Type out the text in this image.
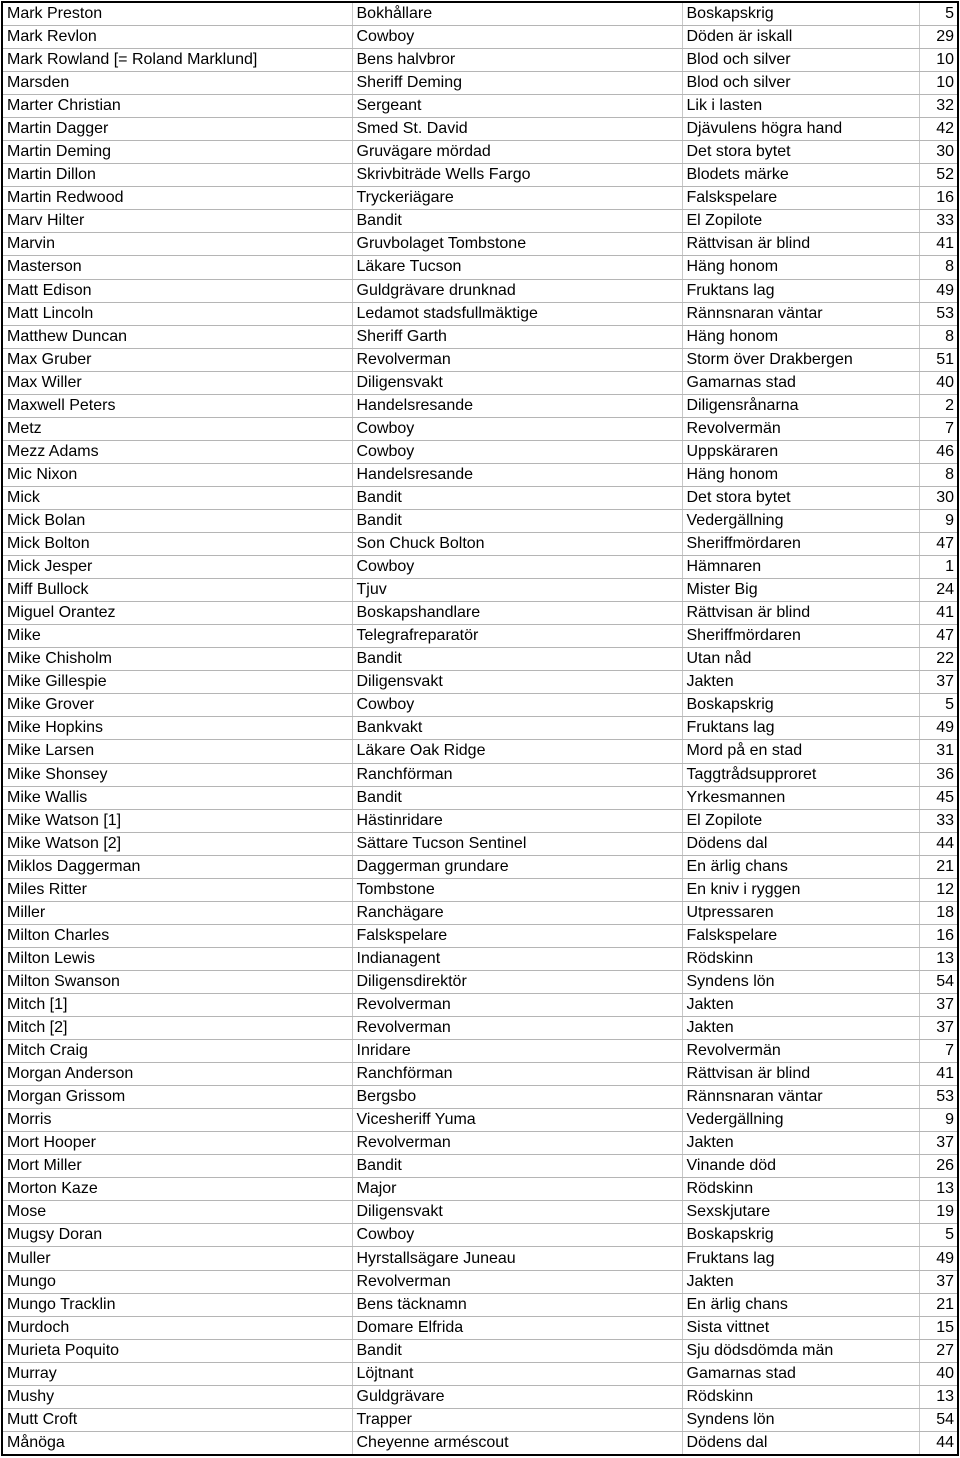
Mark Preston	Bokhållare	Boskapskrig	5
Mark Revlon	Cowboy	Döden är iskall	29
Mark Rowland [= Roland Marklund]	Bens halvbror	Blod och silver	10
Marsden	Sheriff Deming	Blod och silver	10
Marter Christian	Sergeant	Lik i lasten	32
Martin Dagger	Smed St. David	Djävulens högra hand	42
Martin Deming	Gruvägare mördad	Det stora bytet	30
Martin Dillon	Skrivbiträde Wells Fargo	Blodets märke	52
Martin Redwood	Tryckeriägare	Falskspelare	16
Marv Hilter	Bandit	El Zopilote	33
Marvin	Gruvbolaget Tombstone	Rättvisan är blind	41
Masterson	Läkare Tucson	Häng honom	8
Matt Edison	Guldgrävare drunknad	Fruktans lag	49
Matt Lincoln	Ledamot stadsfullmäktige	Rännsnaran väntar	53
Matthew Duncan	Sheriff Garth	Häng honom	8
Max Gruber	Revolverman	Storm över Drakbergen	51
Max Willer	Diligensvakt	Gamarnas stad	40
Maxwell Peters	Handelsresande	Diligensrånarna	2
Metz	Cowboy	Revolvermän	7
Mezz Adams	Cowboy	Uppskäraren	46
Mic Nixon	Handelsresande	Häng honom	8
Mick	Bandit	Det stora bytet	30
Mick Bolan	Bandit	Vedergällning	9
Mick Bolton	Son Chuck Bolton	Sheriffmördaren	47
Mick Jesper	Cowboy	Hämnaren	1
Miff Bullock	Tjuv	Mister Big	24
Miguel Orantez	Boskapshandlare	Rättvisan är blind	41
Mike	Telegrafreparatör	Sheriffmördaren	47
Mike Chisholm	Bandit	Utan nåd	22
Mike Gillespie	Diligensvakt	Jakten	37
Mike Grover	Cowboy	Boskapskrig	5
Mike Hopkins	Bankvakt	Fruktans lag	49
Mike Larsen	Läkare Oak Ridge	Mord på en stad	31
Mike Shonsey	Ranchförman	Taggtrådsupproret	36
Mike Wallis	Bandit	Yrkesmannen	45
Mike Watson [1]	Hästinridare	El Zopilote	33
Mike Watson [2]	Sättare Tucson Sentinel	Dödens dal	44
Miklos Daggerman	Daggerman grundare	En ärlig chans	21
Miles Ritter	Tombstone	En kniv i ryggen	12
Miller	Ranchägare	Utpressaren	18
Milton Charles	Falskspelare	Falskspelare	16
Milton Lewis	Indianagent	Rödskinn	13
Milton Swanson	Diligensdirektör	Syndens lön	54
Mitch [1]	Revolverman	Jakten	37
Mitch [2]	Revolverman	Jakten	37
Mitch Craig	Inridare	Revolvermän	7
Morgan Anderson	Ranchförman	Rättvisan är blind	41
Morgan Grissom	Bergsbo	Rännsnaran väntar	53
Morris	Vicesheriff Yuma	Vedergällning	9
Mort Hooper	Revolverman	Jakten	37
Mort Miller	Bandit	Vinande död	26
Morton Kaze	Major	Rödskinn	13
Mose	Diligensvakt	Sexskjutare	19
Mugsy Doran	Cowboy	Boskapskrig	5
Muller	Hyrstallsägare Juneau	Fruktans lag	49
Mungo	Revolverman	Jakten	37
Mungo Tracklin	Bens täcknamn	En ärlig chans	21
Murdoch	Domare Elfrida	Sista vittnet	15
Murieta Poquito	Bandit	Sju dödsdömda män	27
Murray	Löjtnant	Gamarnas stad	40
Mushy	Guldgrävare	Rödskinn	13
Mutt Croft	Trapper	Syndens lön	54
Månöga	Cheyenne arméscout	Dödens dal	44
